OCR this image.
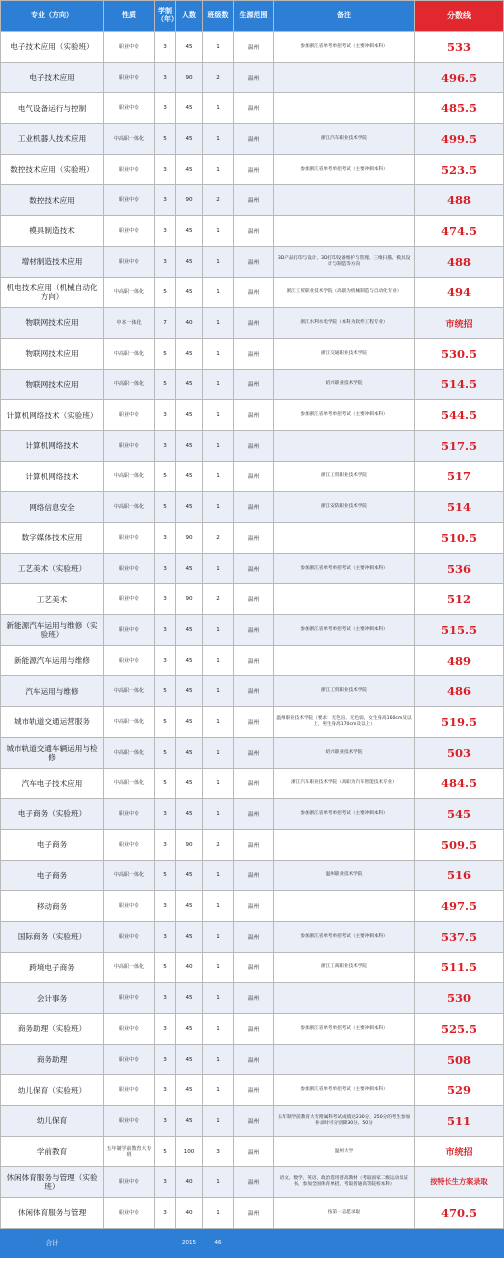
专业（方向）	性质	学制（年）	人数	班级数	生源范围	备注	分数线
电子技术应用（实验班）	职业中专	3	45	1	温州	参加浙江省单考单招考试（主要冲刺本科）	533
电子技术应用	职业中专	3	90	2	温州		496.5
电气设备运行与控制	职业中专	3	45	1	温州		485.5
工业机器人技术应用	中高职一体化	5	45	1	温州	浙江汽车职业技术学院	499.5
数控技术应用（实验班）	职业中专	3	45	1	温州	参加浙江省单考单招考试（主要冲刺本科）	523.5
数控技术应用	职业中专	3	90	2	温州		488
模具制造技术	职业中专	3	45	1	温州		474.5
增材制造技术应用	职业中专	3	45	1	温州	3D产品打印与设计、3D打印设备维护与管理、三维扫描、模具设计与制造等方向	488
机电技术应用（机械自动化方向）	中高职一体化	5	45	1	温州	浙江工贸职业技术学院（高职为机械制造与自动化专业）	494
物联网技术应用	中本一体化	7	40	1	温州	浙江水利水电学院（本科为软件工程专业）	市统招
物联网技术应用	中高职一体化	5	45	1	温州	浙江交通职业技术学院	530.5
物联网技术应用	中高职一体化	5	45	1	温州	绍兴职业技术学院	514.5
计算机网络技术（实验班）	职业中专	3	45	1	温州	参加浙江省单考单招考试（主要冲刺本科）	544.5
计算机网络技术	职业中专	3	45	1	温州		517.5
计算机网络技术	中高职一体化	5	45	1	温州	浙江工贸职业技术学院	517
网络信息安全	中高职一体化	5	45	1	温州	浙江安防职业技术学院	514
数字媒体技术应用	职业中专	3	90	2	温州		510.5
工艺美术（实验班）	职业中专	3	45	1	温州	参加浙江省单考单招考试（主要冲刺本科）	536
工艺美术	职业中专	3	90	2	温州		512
新能源汽车运用与维修（实验班）	职业中专	3	45	1	温州	参加浙江省单考单招考试（主要冲刺本科）	515.5
新能源汽车运用与维修	职业中专	3	45	1	温州		489
汽车运用与维修	中高职一体化	5	45	1	温州	浙江工贸职业技术学院	486
城市轨道交通运营服务	中高职一体化	5	45	1	温州	温州职业技术学院（要求：无色盲、无色弱，女生身高160cm及以上，男生身高170cm及以上）	519.5
城市轨道交通车辆运用与检修	中高职一体化	5	45	1	温州	绍兴职业技术学院	503
汽车电子技术应用	中高职一体化	5	45	1	温州	浙江汽车职业技术学院（高职为汽车智能技术专业）	484.5
电子商务（实验班）	职业中专	3	45	1	温州	参加浙江省单考单招考试（主要冲刺本科）	545
电子商务	职业中专	3	90	2	温州		509.5
电子商务	中高职一体化	5	45	1	温州	温州职业技术学院	516
移动商务	职业中专	3	45	1	温州		497.5
国际商务（实验班）	职业中专	3	45	1	温州	参加浙江省单考单招考试（主要冲刺本科）	537.5
跨境电子商务	中高职一体化	5	40	1	温州	浙江工商职业技术学院	511.5
会计事务	职业中专	3	45	1	温州		530
商务助理（实验班）	职业中专	3	45	1	温州	参加浙江省单考单招考试（主要冲刺本科）	525.5
商务助理	职业中专	3	45	1	温州		508
幼儿保育（实验班）	职业中专	3	45	1	温州	参加浙江省单考单招考试（主要冲刺本科）	529
幼儿保育	职业中专	3	45	1	温州	五年制学前教育大专附属科考试成绩达230分，250分的考生参加补录时可分别降30分、50分	511
学前教育	五年制学前教育大专班	5	100	3	温州	温州大学	市统招
休闲体育服务与管理（实验班）	职业中专	3	40	1	温州	语文、数学、英语、政治选用普高教材（考取国家二级运动员证书，参加全国体育单招，考取普通高等院校本科）	按特长生方案录取
休闲体育服务与管理	职业中专	3	40	1	温州	按第一志愿录取	470.5
合计			2015	46			
